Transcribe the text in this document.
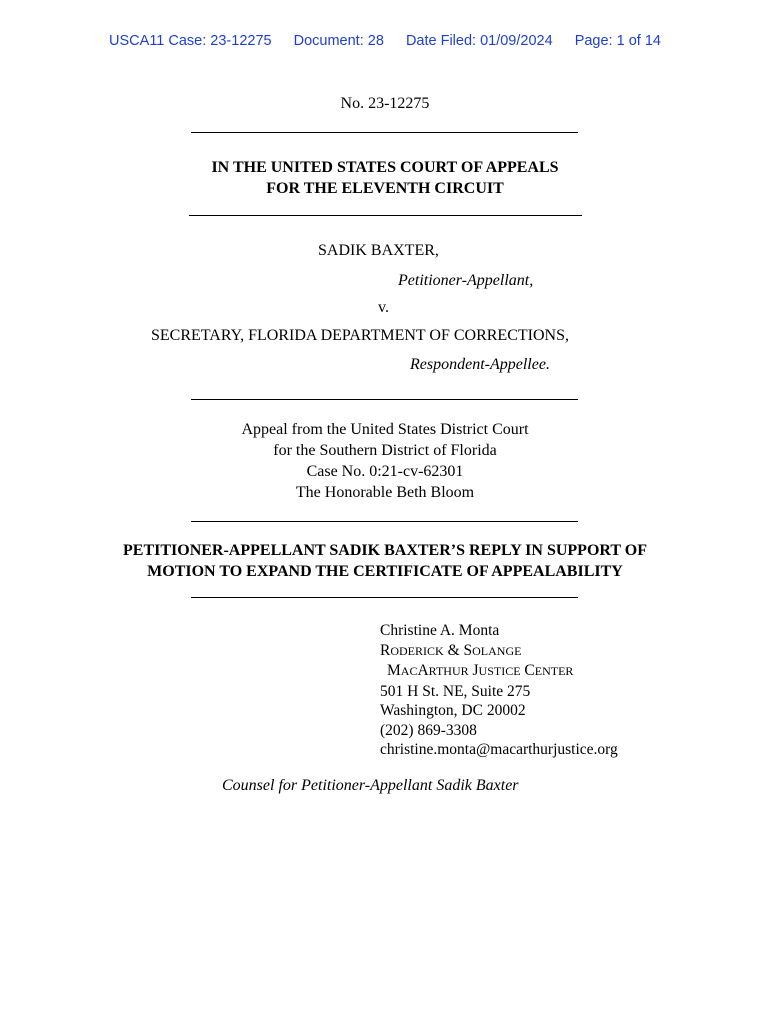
USCA11 Case: 23-12275 Document: 28 Date Filed: 01/09/2024 Page: 1 of 14
No. 23-12275
IN THE UNITED STATES COURT OF APPEALS
FOR THE ELEVENTH CIRCUIT
SADIK BAXTER,
Petitioner-Appellant,
v.
SECRETARY, FLORIDA DEPARTMENT OF CORRECTIONS,
Respondent-Appellee.
Appeal from the United States District Court
for the Southern District of Florida
Case No. 0:21-cv-62301
The Honorable Beth Bloom
PETITIONER-APPELLANT SADIK BAXTER’S REPLY IN SUPPORT OF
MOTION TO EXPAND THE CERTIFICATE OF APPEALABILITY
Christine A. Monta
RODERICK & SOLANGE
MACARTHUR JUSTICE CENTER
501 H St. NE, Suite 275
Washington, DC 20002
(202) 869-3308
christine.monta@macarthurjustice.org
Counsel for Petitioner-Appellant Sadik Baxter
